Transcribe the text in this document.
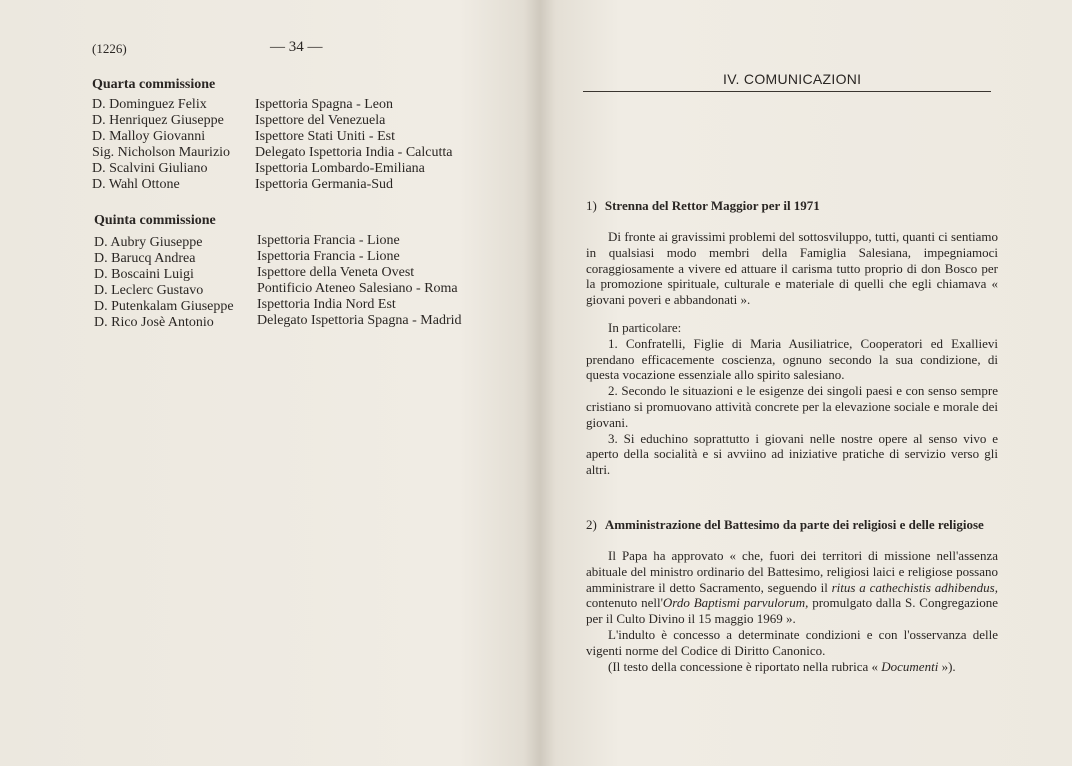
(1226)	— 34 —
Quarta commissione
D. Dominguez Felix
D. Henriquez Giuseppe
D. Malloy Giovanni
Sig. Nicholson Maurizio
D. Scalvini Giuliano
D. Wahl Ottone
Ispettoria Spagna - Leon
Ispettore del Venezuela
Ispettore Stati Uniti - Est
Delegato Ispettoria India - Calcutta
Ispettoria Lombardo-Emiliana
Ispettoria Germania-Sud
Quinta commissione
D. Aubry Giuseppe
D. Barucq Andrea
D. Boscaini Luigi
D. Leclerc Gustavo
D. Putenkalam Giuseppe
D. Rico Josè Antonio
Ispettoria Francia - Lione
Ispettoria Francia - Lione
Ispettore della Veneta Ovest
Pontificio Ateneo Salesiano - Roma
Ispettoria India Nord Est
Delegato Ispettoria Spagna - Madrid
IV. COMUNICAZIONI
1) Strenna del Rettor Maggior per il 1971

Di fronte ai gravissimi problemi del sottosviluppo, tutti, quanti ci sentiamo in qualsiasi modo membri della Famiglia Salesiana, impegniamoci coraggiosamente a vivere ed attuare il carisma tutto proprio di don Bosco per la promozione spirituale, culturale e materiale di quelli che egli chiamava « giovani poveri e abbandonati ».

In particolare:

1. Confratelli, Figlie di Maria Ausiliatrice, Cooperatori ed Exallievi prendano efficacemente coscienza, ognuno secondo la sua condizione, di questa vocazione essenziale allo spirito salesiano.

2. Secondo le situazioni e le esigenze dei singoli paesi e con senso sempre cristiano si promuovano attività concrete per la elevazione sociale e morale dei giovani.

3. Si educhino soprattutto i giovani nelle nostre opere al senso vivo e aperto della socialità e si avviino ad iniziative pratiche di servizio verso gli altri.

2) Amministrazione del Battesimo da parte dei religiosi e delle religiose

Il Papa ha approvato « che, fuori dei territori di missione nell'assenza abituale del ministro ordinario del Battesimo, religiosi laici e religiose possano amministrare il detto Sacramento, seguendo il ritus a cathechistis adhibendus, contenuto nell'Ordo Baptismi parvulorum, promulgato dalla S. Congregazione per il Culto Divino il 15 maggio 1969 ».

L'indulto è concesso a determinate condizioni e con l'osservanza delle vigenti norme del Codice di Diritto Canonico.

(Il testo della concessione è riportato nella rubrica « Documenti »).
